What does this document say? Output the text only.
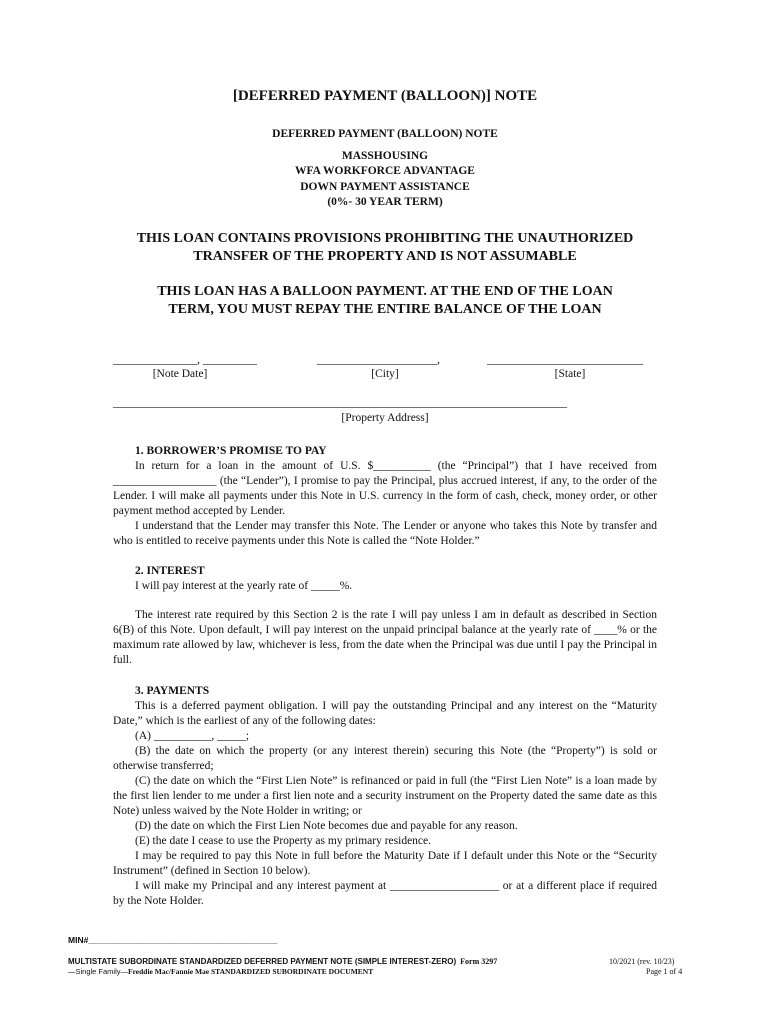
[DEFERRED PAYMENT (BALLOON)] NOTE
DEFERRED PAYMENT (BALLOON) NOTE
MASSHOUSING
WFA WORKFORCE ADVANTAGE
DOWN PAYMENT ASSISTANCE
(0%- 30 YEAR TERM)
THIS LOAN CONTAINS PROVISIONS PROHIBITING THE UNAUTHORIZED
TRANSFER OF THE PROPERTY AND IS NOT ASSUMABLE
THIS LOAN HAS A BALLOON PAYMENT. AT THE END OF THE LOAN
TERM, YOU MUST REPAY THE ENTIRE BALANCE OF THE LOAN
______________, _________	____________________,	__________________________
[Note Date]	[City]	[State]
____________________________________________________________________________________
[Property Address]
1. BORROWER’S PROMISE TO PAY

In return for a loan in the amount of U.S. $__________ (the “Principal”) that I have received from __________________ (the “Lender”), I promise to pay the Principal, plus accrued interest, if any, to the order of the Lender. I will make all payments under this Note in U.S. currency in the form of cash, check, money order, or other payment method accepted by Lender.

I understand that the Lender may transfer this Note. The Lender or anyone who takes this Note by transfer and who is entitled to receive payments under this Note is called the “Note Holder.”

2. INTEREST

I will pay interest at the yearly rate of _____%.

The interest rate required by this Section 2 is the rate I will pay unless I am in default as described in Section 6(B) of this Note. Upon default, I will pay interest on the unpaid principal balance at the yearly rate of ____% or the maximum rate allowed by law, whichever is less, from the date when the Principal was due until I pay the Principal in full.

3. PAYMENTS

This is a deferred payment obligation. I will pay the outstanding Principal and any interest on the “Maturity Date,” which is the earliest of any of the following dates:

(A) __________, _____;

(B) the date on which the property (or any interest therein) securing this Note (the “Property”) is sold or otherwise transferred;

(C) the date on which the “First Lien Note” is refinanced or paid in full (the “First Lien Note” is a loan made by the first lien lender to me under a first lien note and a security instrument on the Property dated the same date as this Note) unless waived by the Note Holder in writing; or

(D) the date on which the First Lien Note becomes due and payable for any reason.

(E) the date I cease to use the Property as my primary residence.

I may be required to pay this Note in full before the Maturity Date if I default under this Note or the “Security Instrument” (defined in Section 10 below).

I will make my Principal and any interest payment at ___________________ or at a different place if required by the Note Holder.

MIN#________________________________________
MULTISTATE SUBORDINATE STANDARDIZED DEFERRED PAYMENT NOTE (SIMPLE INTEREST-ZERO) Form 3297
—Single Family—Freddie Mac/Fannie Mae STANDARDIZED SUBORDINATE DOCUMENT
10/2021 (rev. 10/23)
Page 1 of 4
